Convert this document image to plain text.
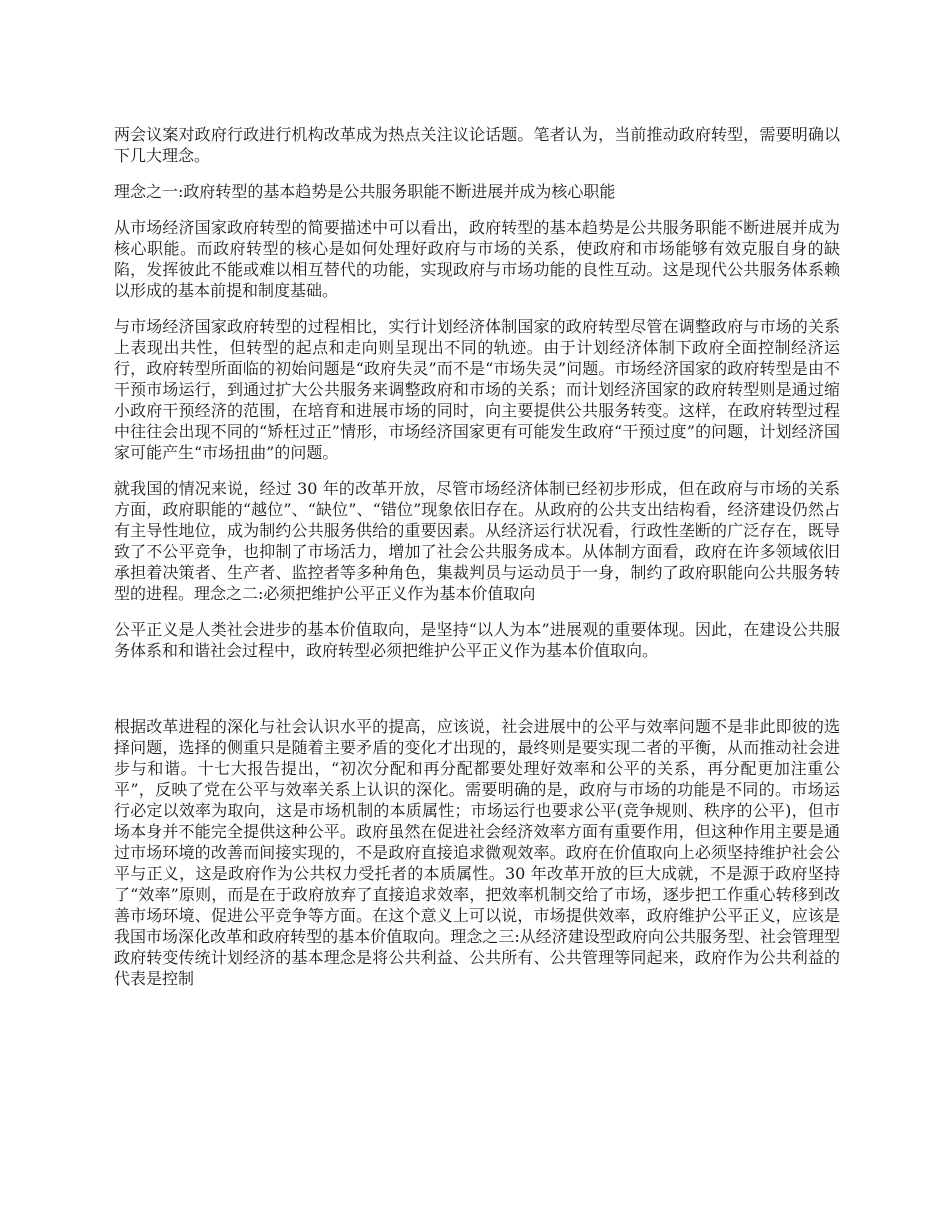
两会议案对政府行政进行机构改革成为热点关注议论话题。笔者认为，当前推动政府转型，需要明确以下几大理念。

理念之一:政府转型的基本趋势是公共服务职能不断进展并成为核心职能

从市场经济国家政府转型的简要描述中可以看出，政府转型的基本趋势是公共服务职能不断进展并成为核心职能。而政府转型的核心是如何处理好政府与市场的关系，使政府和市场能够有效克服自身的缺陷，发挥彼此不能或难以相互替代的功能，实现政府与市场功能的良性互动。这是现代公共服务体系赖以形成的基本前提和制度基础。

与市场经济国家政府转型的过程相比，实行计划经济体制国家的政府转型尽管在调整政府与市场的关系上表现出共性，但转型的起点和走向则呈现出不同的轨迹。由于计划经济体制下政府全面控制经济运行，政府转型所面临的初始问题是“政府失灵”而不是“市场失灵”问题。市场经济国家的政府转型是由不干预市场运行，到通过扩大公共服务来调整政府和市场的关系；而计划经济国家的政府转型则是通过缩小政府干预经济的范围，在培育和进展市场的同时，向主要提供公共服务转变。这样，在政府转型过程中往往会出现不同的“矫枉过正”情形，市场经济国家更有可能发生政府“干预过度”的问题，计划经济国家可能产生“市场扭曲”的问题。

就我国的情况来说，经过 30 年的改革开放，尽管市场经济体制已经初步形成，但在政府与市场的关系方面，政府职能的“越位”、“缺位”、“错位”现象依旧存在。从政府的公共支出结构看，经济建设仍然占有主导性地位，成为制约公共服务供给的重要因素。从经济运行状况看，行政性垄断的广泛存在，既导致了不公平竞争，也抑制了市场活力，增加了社会公共服务成本。从体制方面看，政府在许多领域依旧承担着决策者、生产者、监控者等多种角色，集裁判员与运动员于一身，制约了政府职能向公共服务转型的进程。理念之二:必须把维护公平正义作为基本价值取向

公平正义是人类社会进步的基本价值取向，是坚持“以人为本”进展观的重要体现。因此，在建设公共服务体系和和谐社会过程中，政府转型必须把维护公平正义作为基本价值取向。

根据改革进程的深化与社会认识水平的提高，应该说，社会进展中的公平与效率问题不是非此即彼的选择问题，选择的侧重只是随着主要矛盾的变化才出现的，最终则是要实现二者的平衡，从而推动社会进步与和谐。十七大报告提出，“初次分配和再分配都要处理好效率和公平的关系，再分配更加注重公平”，反映了党在公平与效率关系上认识的深化。需要明确的是，政府与市场的功能是不同的。市场运行必定以效率为取向，这是市场机制的本质属性；市场运行也要求公平(竞争规则、秩序的公平)，但市场本身并不能完全提供这种公平。政府虽然在促进社会经济效率方面有重要作用，但这种作用主要是通过市场环境的改善而间接实现的，不是政府直接追求微观效率。政府在价值取向上必须坚持维护社会公平与正义，这是政府作为公共权力受托者的本质属性。30 年改革开放的巨大成就，不是源于政府坚持了“效率”原则，而是在于政府放弃了直接追求效率，把效率机制交给了市场，逐步把工作重心转移到改善市场环境、促进公平竞争等方面。在这个意义上可以说，市场提供效率，政府维护公平正义，应该是我国市场深化改革和政府转型的基本价值取向。理念之三:从经济建设型政府向公共服务型、社会管理型政府转变传统计划经济的基本理念是将公共利益、公共所有、公共管理等同起来，政府作为公共利益的代表是控制
